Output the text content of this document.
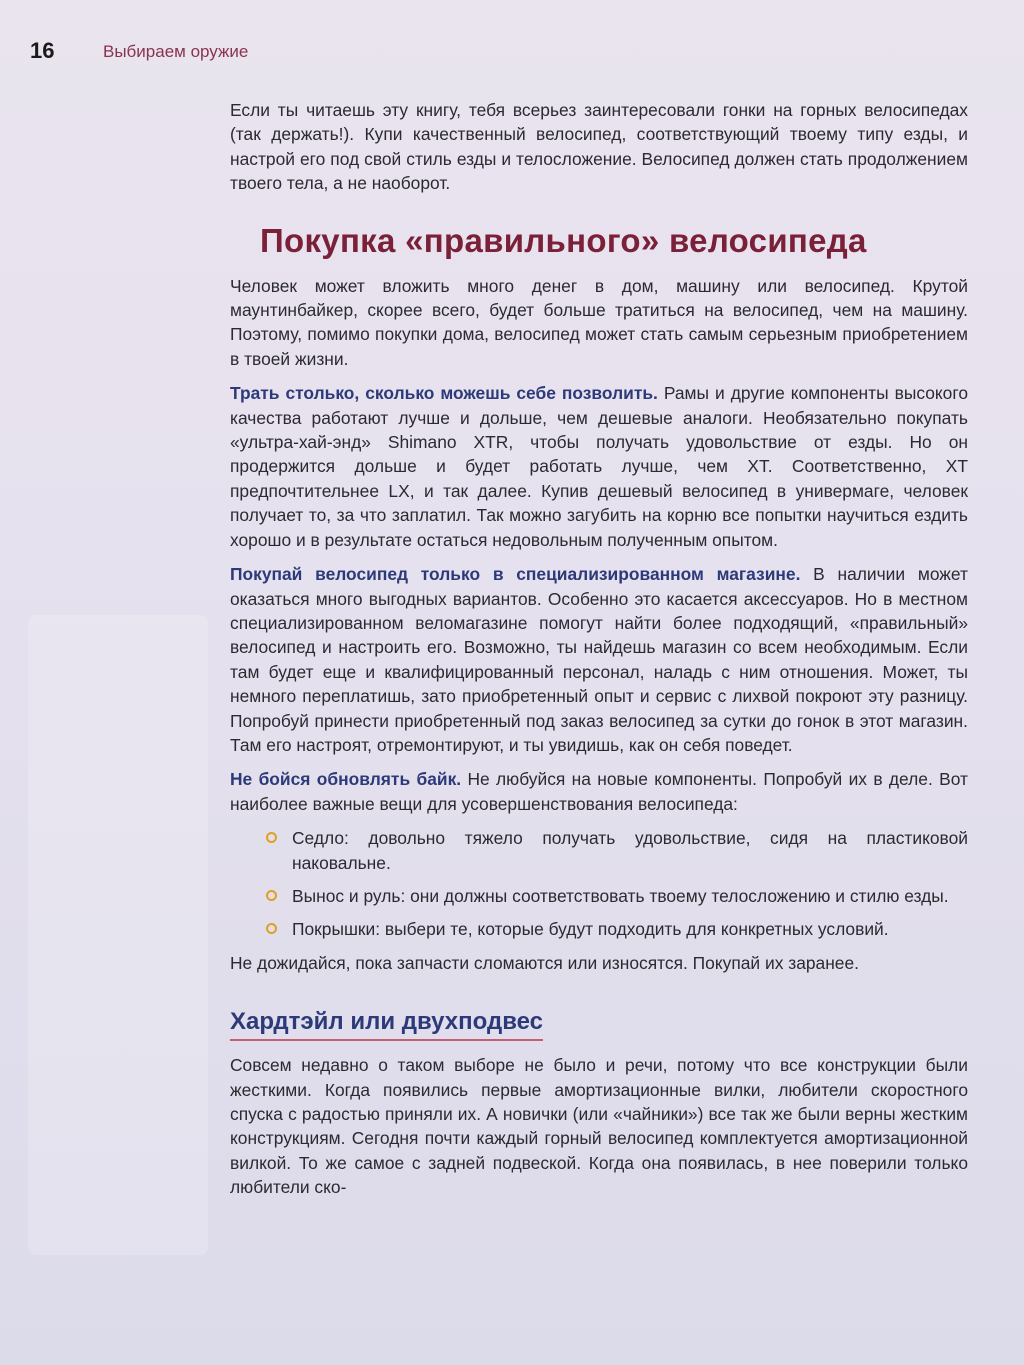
16	Выбираем оружие

Если ты читаешь эту книгу, тебя всерьез заинтересовали гонки на горных велосипедах (так держать!). Купи качественный велосипед, соответствующий твоему типу езды, и настрой его под свой стиль езды и телосложение. Велосипед должен стать продолжением твоего тела, а не наоборот.

Покупка «правильного» велосипеда

Человек может вложить много денег в дом, машину или велосипед. Крутой маунтинбайкер, скорее всего, будет больше тратиться на велосипед, чем на машину. Поэтому, помимо покупки дома, велосипед может стать самым серьезным приобретением в твоей жизни.

Трать столько, сколько можешь себе позволить. Рамы и другие компоненты высокого качества работают лучше и дольше, чем дешевые аналоги. Необязательно покупать «ультра-хай-энд» Shimano XTR, чтобы получать удовольствие от езды. Но он продержится дольше и будет работать лучше, чем XT. Соответственно, XT предпочтительнее LX, и так далее. Купив дешевый велосипед в универмаге, человек получает то, за что заплатил. Так можно загубить на корню все попытки научиться ездить хорошо и в результате остаться недовольным полученным опытом.

Покупай велосипед только в специализированном магазине. В наличии может оказаться много выгодных вариантов. Особенно это касается аксессуаров. Но в местном специализированном веломагазине помогут найти более подходящий, «правильный» велосипед и настроить его. Возможно, ты найдешь магазин со всем необходимым. Если там будет еще и квалифицированный персонал, наладь с ним отношения. Может, ты немного переплатишь, зато приобретенный опыт и сервис с лихвой покроют эту разницу. Попробуй принести приобретенный под заказ велосипед за сутки до гонок в этот магазин. Там его настроят, отремонтируют, и ты увидишь, как он себя поведет.

Не бойся обновлять байк. Не любуйся на новые компоненты. Попробуй их в деле. Вот наиболее важные вещи для усовершенствования велосипеда:

Седло: довольно тяжело получать удовольствие, сидя на пластиковой наковальне.
Вынос и руль: они должны соответствовать твоему телосложению и стилю езды.
Покрышки: выбери те, которые будут подходить для конкретных условий.

Не дожидайся, пока запчасти сломаются или износятся. Покупай их заранее.

Хардтэйл или двухподвес

Совсем недавно о таком выборе не было и речи, потому что все конструкции были жесткими. Когда появились первые амортизационные вилки, любители скоростного спуска с радостью приняли их. А новички (или «чайники») все так же были верны жестким конструкциям. Сегодня почти каждый горный велосипед комплектуется амортизационной вилкой. То же самое с задней подвеской. Когда она появилась, в нее поверили только любители ско-
